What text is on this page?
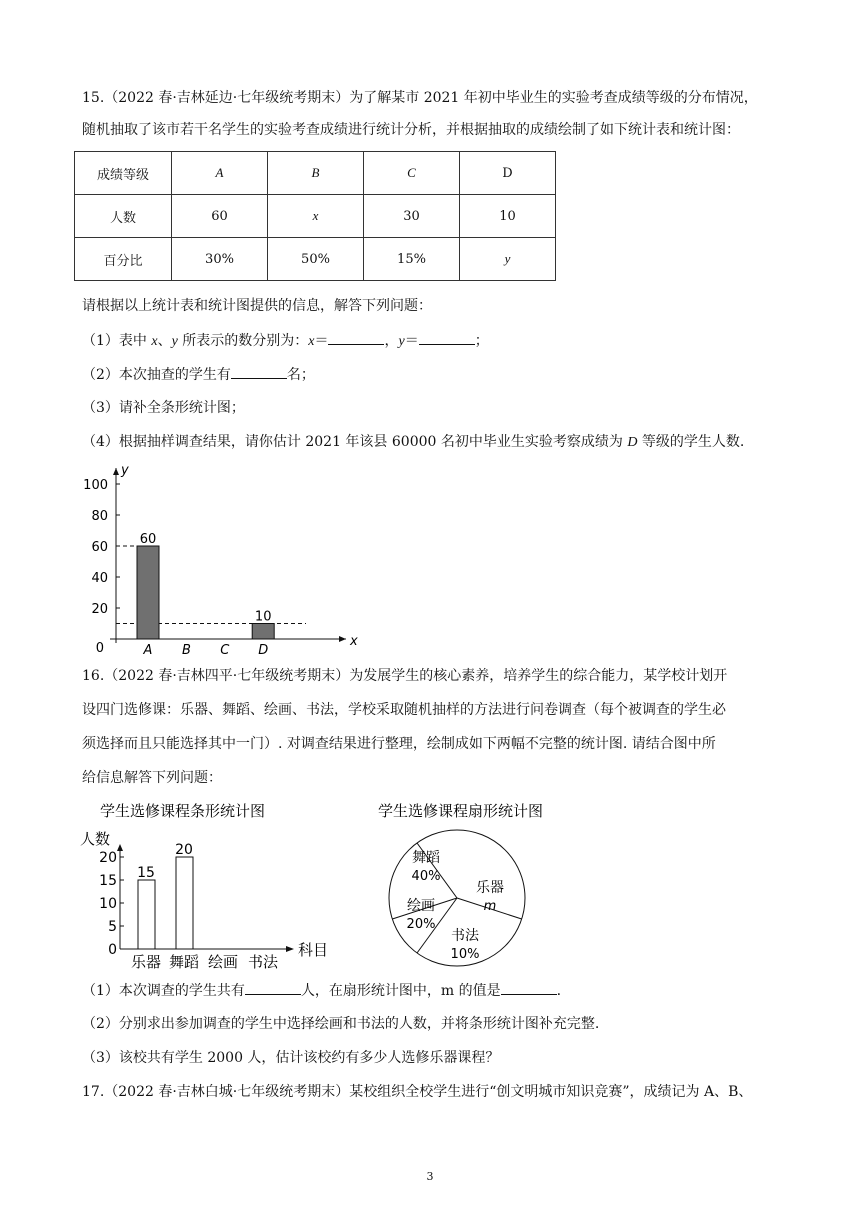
15.（2022 春·吉林延边·七年级统考期末）为了解某市 2021 年初中毕业生的实验考查成绩等级的分布情况，
随机抽取了该市若干名学生的实验考查成绩进行统计分析，并根据抽取的成绩绘制了如下统计表和统计图：
成绩等级	A	B	C	D
人数	60	x	30	10
百分比	30%	50%	15%	y
请根据以上统计表和统计图提供的信息，解答下列问题：
（1）表中 x、y 所表示的数分别为：x＝	，y＝	；
（2）本次抽查的学生有	名；
（3）请补全条形统计图；
（4）根据抽样调查结果，请你估计 2021 年该县 60000 名初中毕业生实验考察成绩为 D 等级的学生人数.
x
y
20
40
60
80
100
0
60
A B C
10
D
16.（2022 春·吉林四平·七年级统考期末）为发展学生的核心素养，培养学生的综合能力，某学校计划开
设四门选修课：乐器、舞蹈、绘画、书法，学校采取随机抽样的方法进行问卷调查（每个被调查的学生必
须选择而且只能选择其中一门）. 对调查结果进行整理，绘制成如下两幅不完整的统计图. 请结合图中所
给信息解答下列问题：
学生选修课程条形统计图
人数
科目
0
5
10
15
20
15
乐器
20
舞蹈 绘画 书法
学生选修课程扇形统计图
舞蹈
40%
乐器
m
书法
10%
绘画
20%
（1）本次调查的学生共有	人，在扇形统计图中，m 的值是	.
（2）分别求出参加调查的学生中选择绘画和书法的人数，并将条形统计图补充完整.
（3）该校共有学生 2000 人，估计该校约有多少人选修乐器课程？
17.（2022 春·吉林白城·七年级统考期末）某校组织全校学生进行“创文明城市知识竞赛”，成绩记为 A、B、
3
